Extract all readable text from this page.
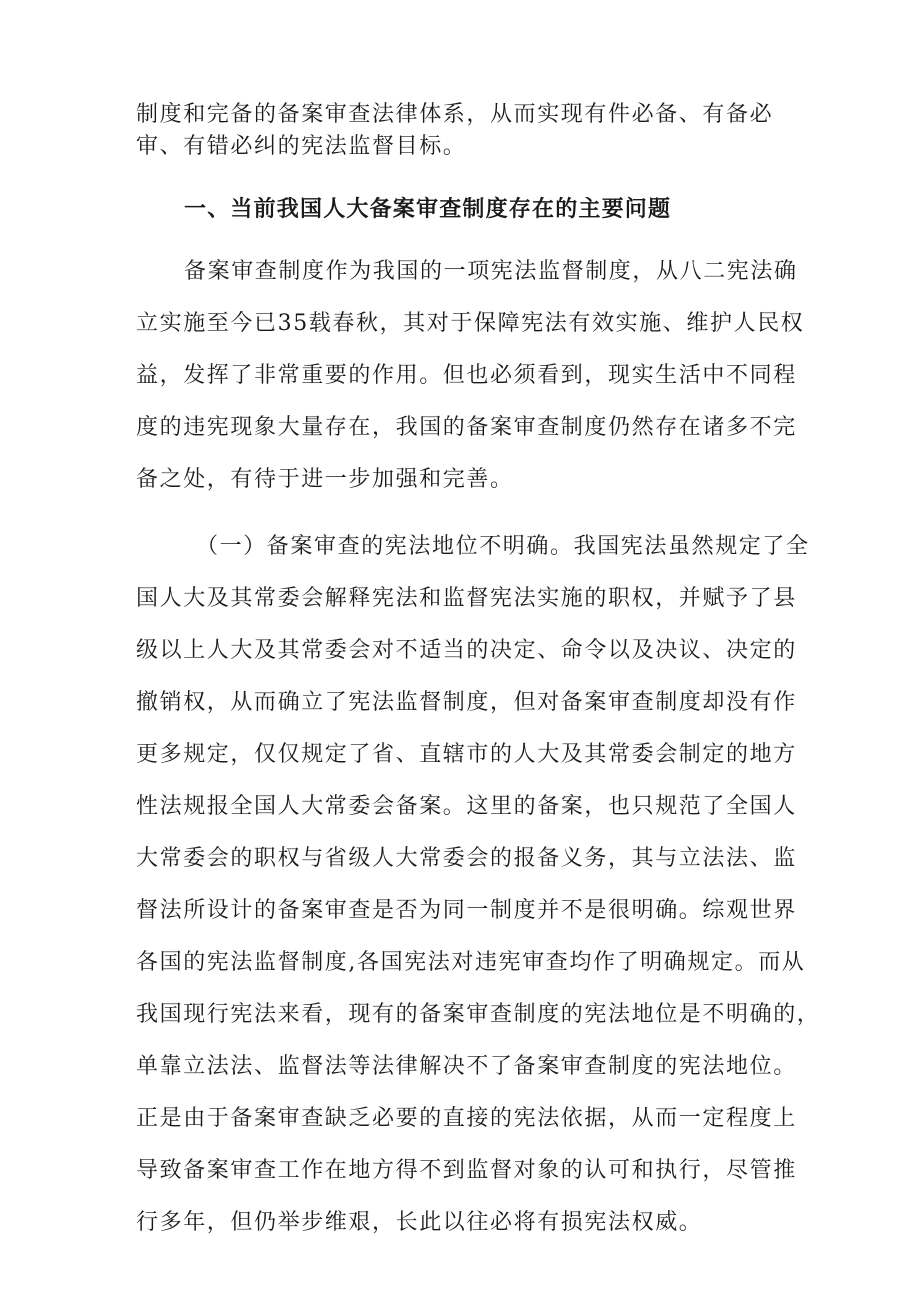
制度和完备的备案审查法律体系，从而实现有件必备、有备必
审、有错必纠的宪法监督目标。
一、当前我国人大备案审查制度存在的主要问题
备案审查制度作为我国的一项宪法监督制度，从八二宪法确
立实施至今已35载春秋，其对于保障宪法有效实施、维护人民权
益，发挥了非常重要的作用。但也必须看到，现实生活中不同程
度的违宪现象大量存在，我国的备案审查制度仍然存在诸多不完
备之处，有待于进一步加强和完善。
（一）备案审查的宪法地位不明确。我国宪法虽然规定了全
国人大及其常委会解释宪法和监督宪法实施的职权，并赋予了县
级以上人大及其常委会对不适当的决定、命令以及决议、决定的
撤销权，从而确立了宪法监督制度，但对备案审查制度却没有作
更多规定，仅仅规定了省、直辖市的人大及其常委会制定的地方
性法规报全国人大常委会备案。这里的备案，也只规范了全国人
大常委会的职权与省级人大常委会的报备义务，其与立法法、监
督法所设计的备案审查是否为同一制度并不是很明确。综观世界
各国的宪法监督制度,各国宪法对违宪审查均作了明确规定。而从
我国现行宪法来看，现有的备案审查制度的宪法地位是不明确的，
单靠立法法、监督法等法律解决不了备案审查制度的宪法地位。
正是由于备案审查缺乏必要的直接的宪法依据，从而一定程度上
导致备案审查工作在地方得不到监督对象的认可和执行，尽管推
行多年，但仍举步维艰，长此以往必将有损宪法权威。
